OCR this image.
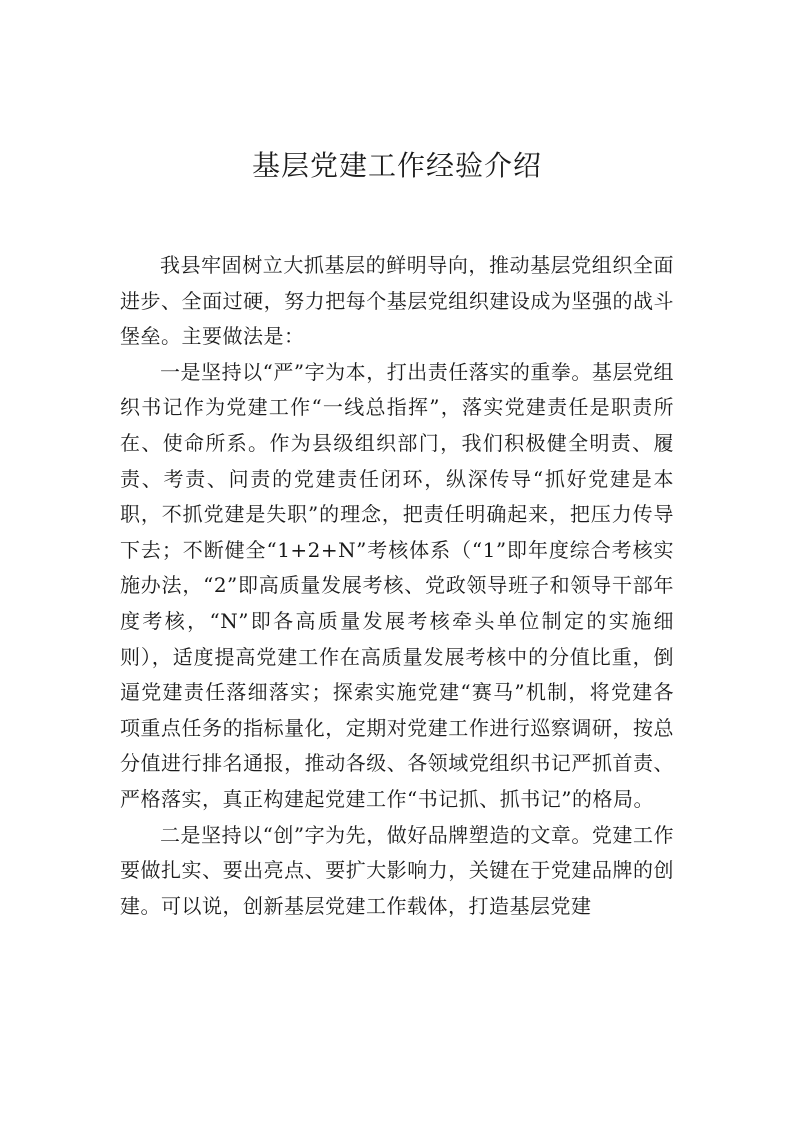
基层党建工作经验介绍

我县牢固树立大抓基层的鲜明导向，推动基层党组织全面进步、全面过硬，努力把每个基层党组织建设成为坚强的战斗堡垒。主要做法是：

一是坚持以“严”字为本，打出责任落实的重拳。基层党组织书记作为党建工作“一线总指挥”，落实党建责任是职责所在、使命所系。作为县级组织部门，我们积极健全明责、履责、考责、问责的党建责任闭环，纵深传导“抓好党建是本职，不抓党建是失职”的理念，把责任明确起来，把压力传导下去；不断健全“1+2+N”考核体系（“1”即年度综合考核实施办法，“2”即高质量发展考核、党政领导班子和领导干部年度考核，“N”即各高质量发展考核牵头单位制定的实施细则），适度提高党建工作在高质量发展考核中的分值比重，倒逼党建责任落细落实；探索实施党建“赛马”机制，将党建各项重点任务的指标量化，定期对党建工作进行巡察调研，按总分值进行排名通报，推动各级、各领域党组织书记严抓首责、严格落实，真正构建起党建工作“书记抓、抓书记”的格局。

二是坚持以“创”字为先，做好品牌塑造的文章。党建工作要做扎实、要出亮点、要扩大影响力，关键在于党建品牌的创建。可以说，创新基层党建工作载体，打造基层党建
